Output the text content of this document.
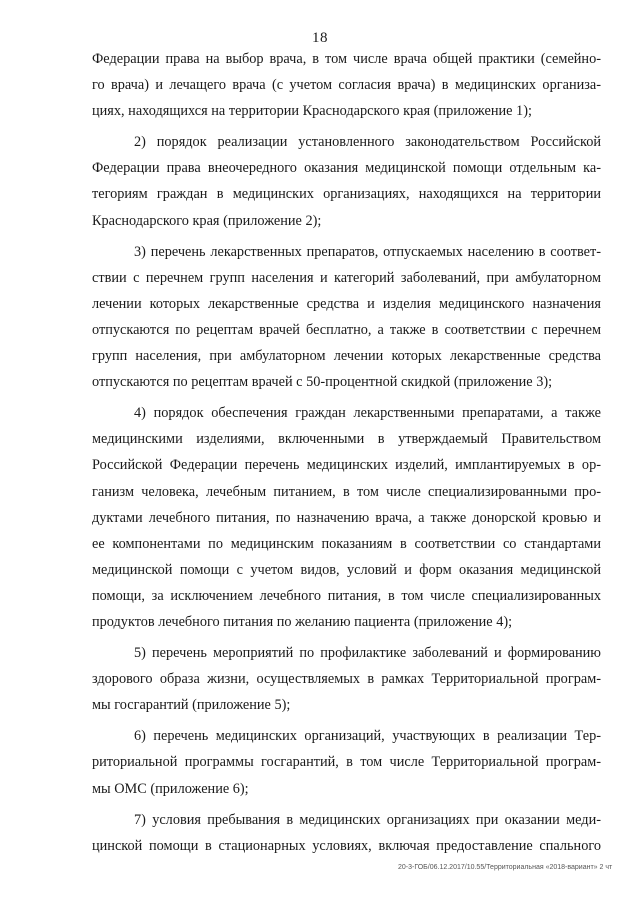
18
Федерации права на выбор врача, в том числе врача общей практики (семейно-
го врача) и лечащего врача (с учетом согласия врача) в медицинских организа-
циях, находящихся на территории Краснодарского края (приложение 1);
2) порядок реализации установленного законодательством Российской
Федерации права внеочередного оказания медицинской помощи отдельным ка-
тегориям граждан в медицинских организациях, находящихся на территории
Краснодарского края (приложение 2);
3) перечень лекарственных препаратов, отпускаемых населению в соответ-
ствии с перечнем групп населения и категорий заболеваний, при амбулаторном
лечении которых лекарственные средства и изделия медицинского назначения
отпускаются по рецептам врачей бесплатно, а также в соответствии с перечнем
групп населения, при амбулаторном лечении которых лекарственные средства
отпускаются по рецептам врачей с 50-процентной скидкой (приложение 3);
4) порядок обеспечения граждан лекарственными препаратами, а также
медицинскими изделиями, включенными в утверждаемый Правительством
Российской Федерации перечень медицинских изделий, имплантируемых в ор-
ганизм человека, лечебным питанием, в том числе специализированными про-
дуктами лечебного питания, по назначению врача, а также донорской кровью и
ее компонентами по медицинским показаниям в соответствии со стандартами
медицинской помощи с учетом видов, условий и форм оказания медицинской
помощи, за исключением лечебного питания, в том числе специализированных
продуктов лечебного питания по желанию пациента (приложение 4);
5) перечень мероприятий по профилактике заболеваний и формированию
здорового образа жизни, осуществляемых в рамках Территориальной програм-
мы госгарантий (приложение 5);
6) перечень медицинских организаций, участвующих в реализации Тер-
риториальной программы госгарантий, в том числе Территориальной програм-
мы ОМС (приложение 6);
7) условия пребывания в медицинских организациях при оказании меди-
цинской помощи в стационарных условиях, включая предоставление спального
20-3-ГОБ/06.12.2017/10.55/Территориальная «2018-вариант» 2 чт
